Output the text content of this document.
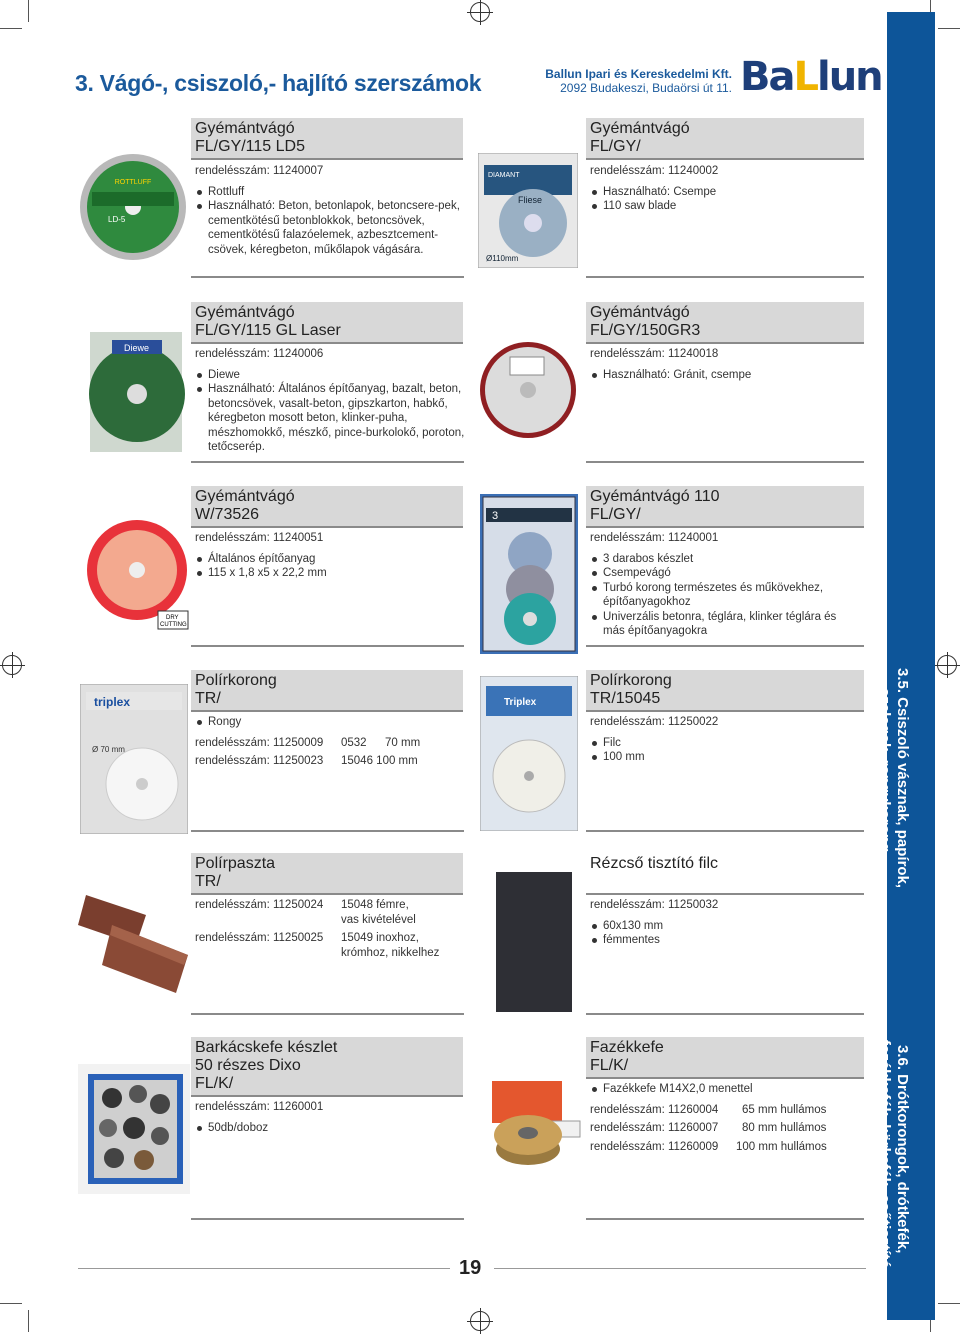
3. Vágó-, csiszoló,- hajlító szerszámok	Ballun Ipari és Kereskedelmi Kft.
2092 Budakeszi, Budaörsi út 11. BaLlun
3.5. Csiszoló vásznak, papírok,
szalagok, rongykorong,
3.6. Drótkorongok, drótkefék,
fazékkefék, körkefék, csőtisztító
ROTTLUFF
LD-5
Gyémántvágó
FL/GY/115 LD5
rendelésszám: 11240007
Rottluff
Használható: Beton, betonlapok, betoncsere-pek, cementkötésű betonblokkok, betoncsövek, cementkötésű falazóelemek, azbesztcement-csövek, kéregbeton, műkőlapok vágására.
DIAMANT
Fliese
Ø110mm
Gyémántvágó
FL/GY/
rendelésszám: 11240002
Használható: Csempe
110 saw blade
Diewe
Gyémántvágó
FL/GY/115 GL Laser
rendelésszám: 11240006
Diewe
Használható: Általános építőanyag, bazalt, beton, betoncsövek, vasalt-beton, gipszkarton, habkő, kéregbeton mosott beton, klinker-puha, mészhomokkő, mészkő, pince-burkolokő, poroton, tetőcserép.
Gyémántvágó
FL/GY/150GR3
rendelésszám: 11240018
Használható: Gránit, csempe
DRY
CUTTING
Gyémántvágó
W/73526
rendelésszám: 11240051
Általános építőanyag
115 x 1,8 x5 x 22,2 mm
3
Gyémántvágó 110
FL/GY/
rendelésszám: 11240001
3 darabos készlet
Csempevágó
Turbó korong természetes és műkövekhez, építőanyagokhoz
Univerzális betonra, téglára, klinker téglára és más építőanyagokra
triplex
Ø 70 mm
Polírkorong
TR/
Rongy
rendelésszám: 11250009	0532	70 mm
rendelésszám: 11250023	15046 100 mm
Triplex
Polírkorong
TR/15045
rendelésszám: 11250022
Filc
100 mm
Polírpaszta
TR/
rendelésszám: 11250024	15048 fémre,
vas kivételével
rendelésszám: 11250025	15049 inoxhoz,
krómhoz, nikkelhez
Rézcső tisztító filc

rendelésszám: 11250032
60x130 mm
fémmentes
Barkácskefe készlet
50 részes Dixo
FL/K/
rendelésszám: 11260001
50db/doboz
Fazékkefe
FL/K/
Fazékkefe M14X2,0 menettel
rendelésszám: 11260004	65 mm hullámos
rendelésszám: 11260007	80 mm hullámos
rendelésszám: 11260009	100 mm hullámos
19
